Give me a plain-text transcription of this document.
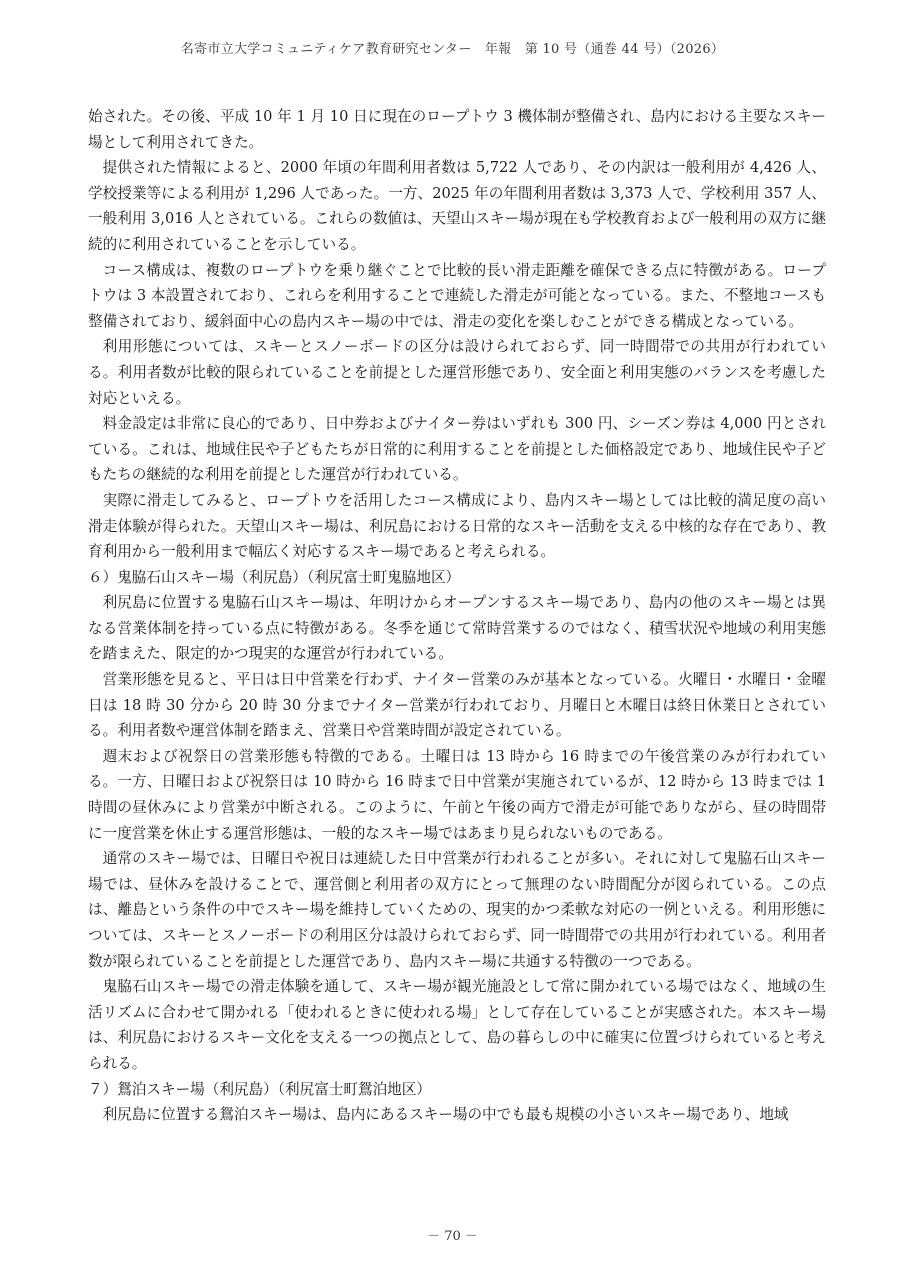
名寄市立大学コミュニティケア教育研究センター　年報　第 10 号（通巻 44 号）（2026）

始された。その後、平成 10 年 1 月 10 日に現在のロープトウ 3 機体制が整備され、島内における主要なスキー場として利用されてきた。

提供された情報によると、2000 年頃の年間利用者数は 5,722 人であり、その内訳は一般利用が 4,426 人、学校授業等による利用が 1,296 人であった。一方、2025 年の年間利用者数は 3,373 人で、学校利用 357 人、一般利用 3,016 人とされている。これらの数値は、天望山スキー場が現在も学校教育および一般利用の双方に継続的に利用されていることを示している。

コース構成は、複数のロープトウを乗り継ぐことで比較的長い滑走距離を確保できる点に特徴がある。ロープトウは 3 本設置されており、これらを利用することで連続した滑走が可能となっている。また、不整地コースも整備されており、緩斜面中心の島内スキー場の中では、滑走の変化を楽しむことができる構成となっている。

利用形態については、スキーとスノーボードの区分は設けられておらず、同一時間帯での共用が行われている。利用者数が比較的限られていることを前提とした運営形態であり、安全面と利用実態のバランスを考慮した対応といえる。

料金設定は非常に良心的であり、日中券およびナイター券はいずれも 300 円、シーズン券は 4,000 円とされている。これは、地域住民や子どもたちが日常的に利用することを前提とした価格設定であり、地域住民や子どもたちの継続的な利用を前提とした運営が行われている。

実際に滑走してみると、ロープトウを活用したコース構成により、島内スキー場としては比較的満足度の高い滑走体験が得られた。天望山スキー場は、利尻島における日常的なスキー活動を支える中核的な存在であり、教育利用から一般利用まで幅広く対応するスキー場であると考えられる。

６）鬼脇石山スキー場（利尻島）（利尻富士町鬼脇地区）

利尻島に位置する鬼脇石山スキー場は、年明けからオープンするスキー場であり、島内の他のスキー場とは異なる営業体制を持っている点に特徴がある。冬季を通じて常時営業するのではなく、積雪状況や地域の利用実態を踏まえた、限定的かつ現実的な運営が行われている。

営業形態を見ると、平日は日中営業を行わず、ナイター営業のみが基本となっている。火曜日・水曜日・金曜日は 18 時 30 分から 20 時 30 分までナイター営業が行われており、月曜日と木曜日は終日休業日とされている。利用者数や運営体制を踏まえ、営業日や営業時間が設定されている。

週末および祝祭日の営業形態も特徴的である。土曜日は 13 時から 16 時までの午後営業のみが行われている。一方、日曜日および祝祭日は 10 時から 16 時まで日中営業が実施されているが、12 時から 13 時までは 1 時間の昼休みにより営業が中断される。このように、午前と午後の両方で滑走が可能でありながら、昼の時間帯に一度営業を休止する運営形態は、一般的なスキー場ではあまり見られないものである。

通常のスキー場では、日曜日や祝日は連続した日中営業が行われることが多い。それに対して鬼脇石山スキー場では、昼休みを設けることで、運営側と利用者の双方にとって無理のない時間配分が図られている。この点は、離島という条件の中でスキー場を維持していくための、現実的かつ柔軟な対応の一例といえる。利用形態については、スキーとスノーボードの利用区分は設けられておらず、同一時間帯での共用が行われている。利用者数が限られていることを前提とした運営であり、島内スキー場に共通する特徴の一つである。

鬼脇石山スキー場での滑走体験を通して、スキー場が観光施設として常に開かれている場ではなく、地域の生活リズムに合わせて開かれる「使われるときに使われる場」として存在していることが実感された。本スキー場は、利尻島におけるスキー文化を支える一つの拠点として、島の暮らしの中に確実に位置づけられていると考えられる。

７）鴛泊スキー場（利尻島）（利尻富士町鴛泊地区）

利尻島に位置する鴛泊スキー場は、島内にあるスキー場の中でも最も規模の小さいスキー場であり、地域

－ 70 －
